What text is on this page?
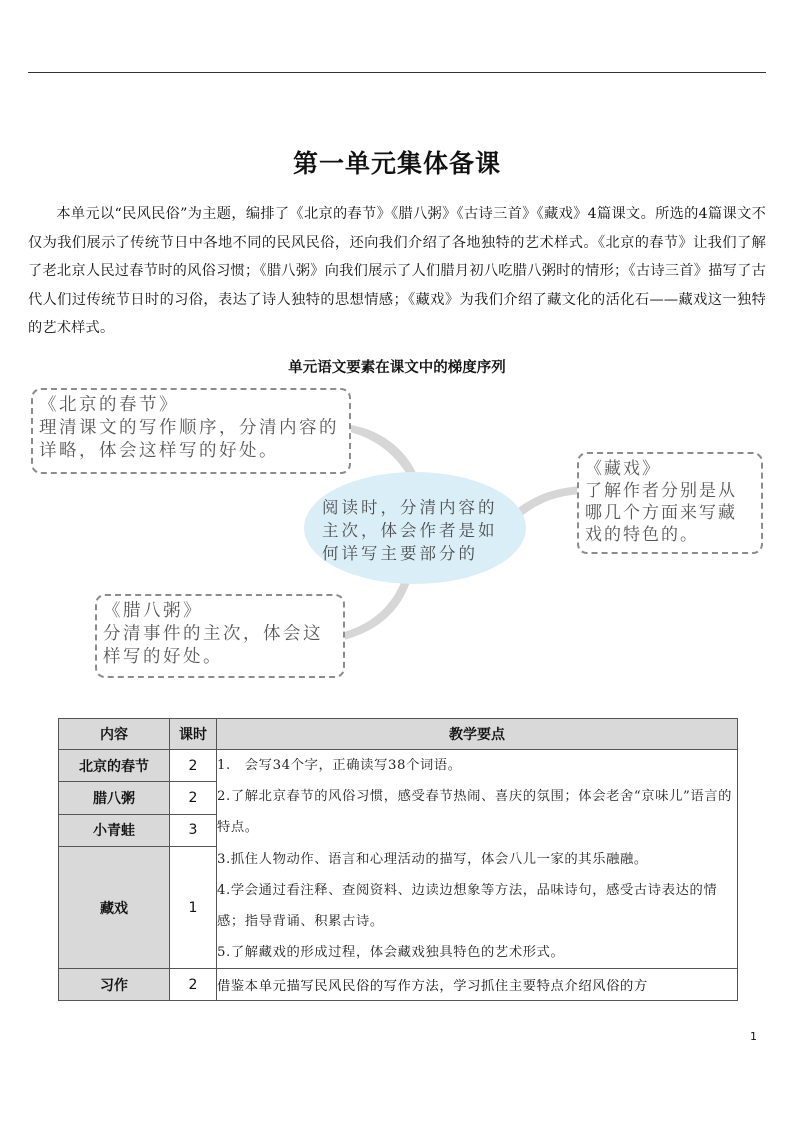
第一单元集体备课
本单元以“民风民俗”为主题，编排了《北京的春节》《腊八粥》《古诗三首》《藏戏》4篇课文。所选的4篇课文不仅为我们展示了传统节日中各地不同的民风民俗，还向我们介绍了各地独特的艺术样式。《北京的春节》让我们了解了老北京人民过春节时的风俗习惯；《腊八粥》向我们展示了人们腊月初八吃腊八粥时的情形；《古诗三首》描写了古代人们过传统节日时的习俗，表达了诗人独特的思想情感；《藏戏》为我们介绍了藏文化的活化石——藏戏这一独特的艺术样式。
单元语文要素在课文中的梯度序列
阅读时，分清内容的主次，体会作者是如何详写主要部分的
《北京的春节》
理清课文的写作顺序，分清内容的详略，体会这样写的好处。
《藏戏》
了解作者分别是从哪几个方面来写藏戏的特色的。
《腊八粥》
分清事件的主次，体会这样写的好处。
内容	课时	教学要点
北京的春节	2	1.　会写34个字，正确读写38个词语。
2.了解北京春节的风俗习惯，感受春节热闹、喜庆的氛围；体会老舍“京味儿”语言的特点。
3.抓住人物动作、语言和心理活动的描写，体会八儿一家的其乐融融。
4.学会通过看注释、查阅资料、边读边想象等方法，品味诗句，感受古诗表达的情感；指导背诵、积累古诗。
5.了解藏戏的形成过程，体会藏戏独具特色的艺术形式。

腊八粥	2	
小青蛙	3	
藏戏	1	
习作	2	借鉴本单元描写民风民俗的写作方法，学习抓住主要特点介绍风俗的方
1
